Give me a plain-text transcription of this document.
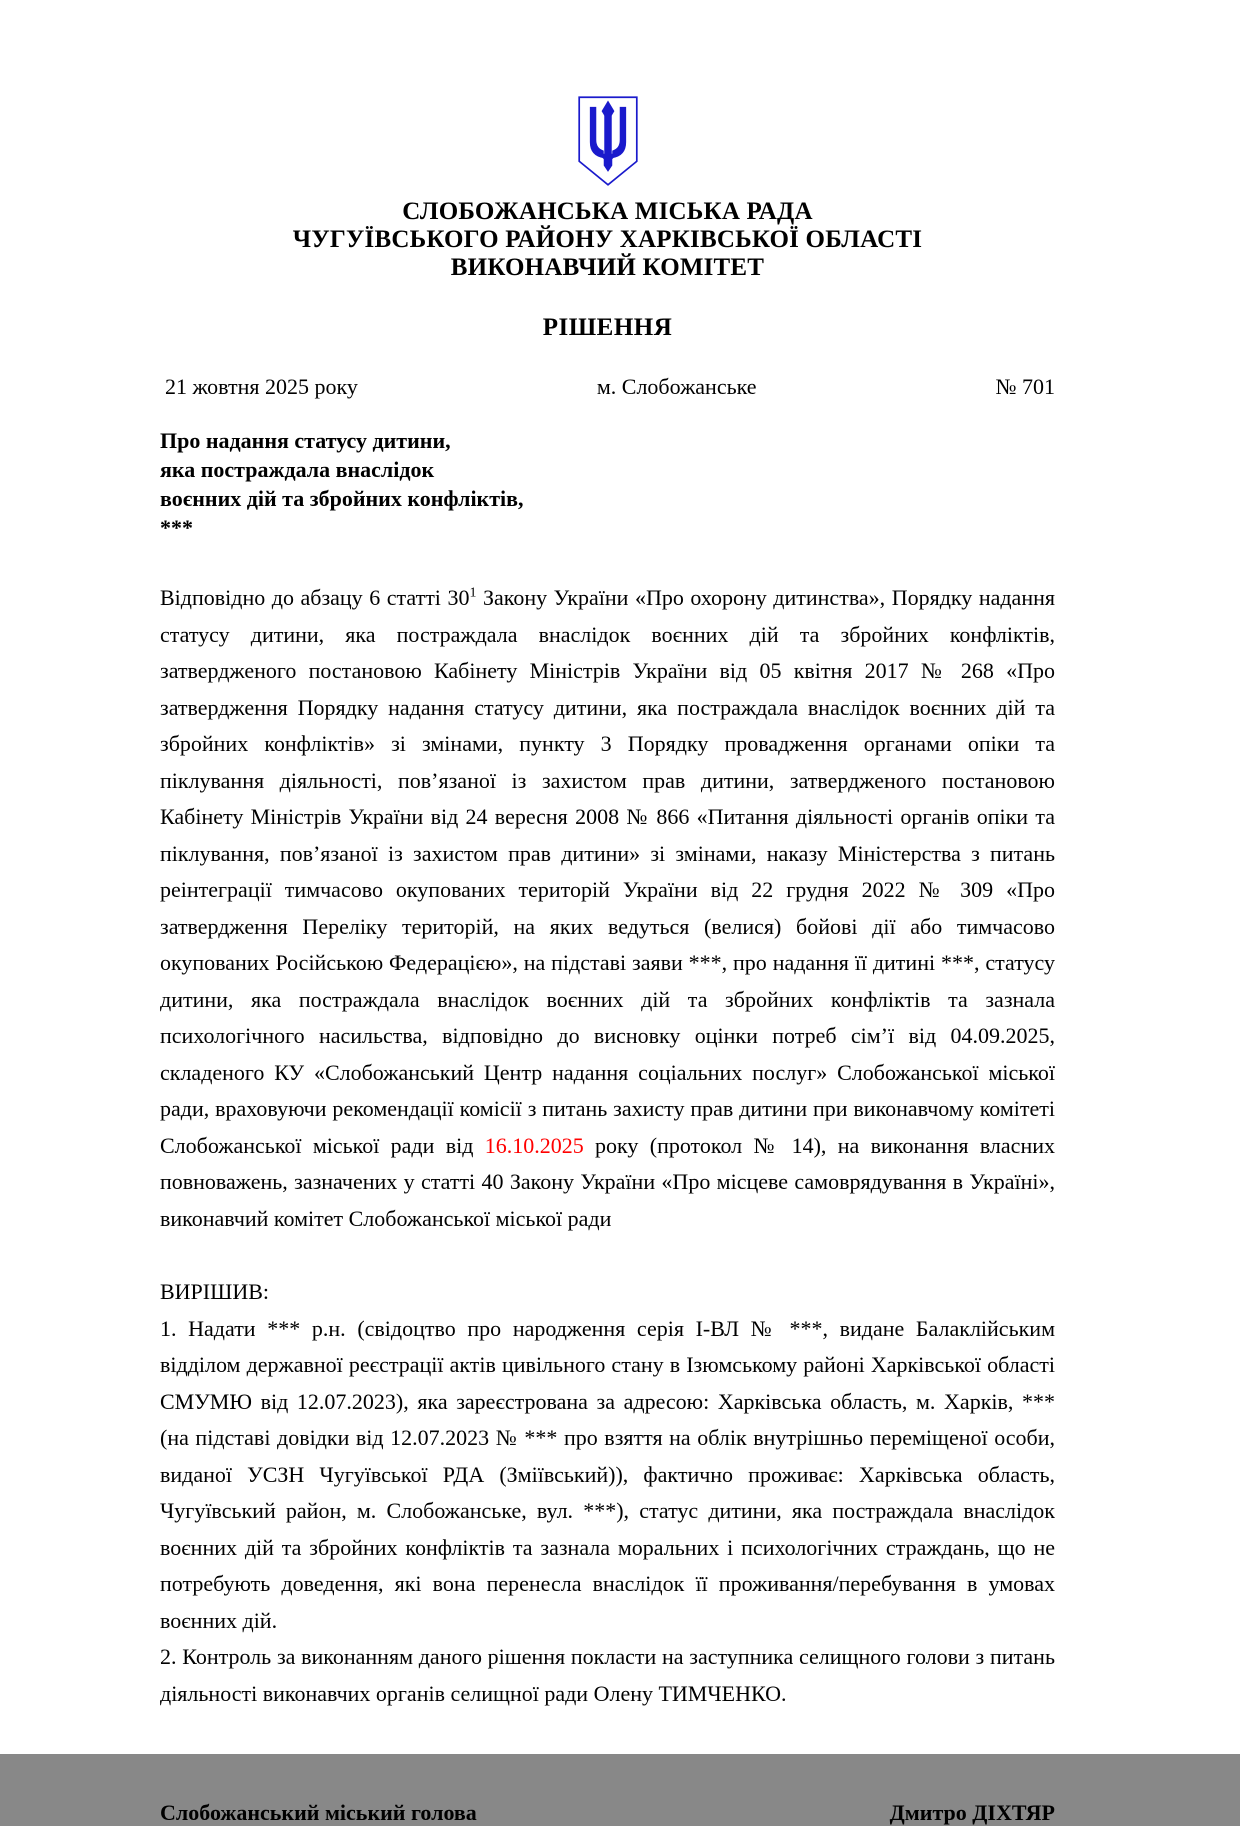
СЛОБОЖАНСЬКА МІСЬКА РАДА
ЧУГУЇВСЬКОГО РАЙОНУ ХАРКІВСЬКОЇ ОБЛАСТІ
ВИКОНАВЧИЙ КОМІТЕТ
РІШЕННЯ
21 жовтня 2025 року	м. Слобожанське	№ 701
Про надання статусу дитини,
яка постраждала внаслідок
воєнних дій та збройних конфліктів,
***

Відповідно до абзацу 6 статті $30^1$ Закону України «Про охорону дитинства», Порядку надання статусу дитини, яка постраждала внаслідок воєнних дій та збройних конфліктів, затвердженого постановою Кабінету Міністрів України від 05 квітня 2017 № 268 «Про затвердження Порядку надання статусу дитини, яка постраждала внаслідок воєнних дій та збройних конфліктів» зі змінами, пункту 3 Порядку провадження органами опіки та піклування діяльності, пов’язаної із захистом прав дитини, затвердженого постановою Кабінету Міністрів України від 24 вересня 2008 № 866 «Питання діяльності органів опіки та піклування, пов’язаної із захистом прав дитини» зі змінами, наказу Міністерства з питань реінтеграції тимчасово окупованих територій України від 22 грудня 2022 № 309 «Про затвердження Переліку територій, на яких ведуться (велися) бойові дії або тимчасово окупованих Російською Федерацією», на підставі заяви ***, про надання її дитині ***, статусу дитини, яка постраждала внаслідок воєнних дій та збройних конфліктів та зазнала психологічного насильства, відповідно до висновку оцінки потреб сім’ї від 04.09.2025, складеного КУ «Слобожанський Центр надання соціальних послуг» Слобожанської міської ради, враховуючи рекомендації комісії з питань захисту прав дитини при виконавчому комітеті Слобожанської міської ради від 16.10.2025 року (протокол № 14), на виконання власних повноважень, зазначених у статті 40 Закону України «Про місцеве самоврядування в Україні», виконавчий комітет Слобожанської міської ради

ВИРІШИВ:

1. Надати *** р.н. (свідоцтво про народження серія І-ВЛ № ***, видане Балаклійським відділом державної реєстрації актів цивільного стану в Ізюмському районі Харківської області СМУМЮ від 12.07.2023), яка зареєстрована за адресою: Харківська область, м. Харків, *** (на підставі довідки від 12.07.2023 № *** про взяття на облік внутрішньо переміщеної особи, виданої УСЗН Чугуївської РДА (Зміївський)), фактично проживає: Харківська область, Чугуївський район, м. Слобожанське, вул. ***), статус дитини, яка постраждала внаслідок воєнних дій та збройних конфліктів та зазнала моральних і психологічних страждань, що не потребують доведення, які вона перенесла внаслідок її проживання/перебування в умовах воєнних дій.

2. Контроль за виконанням даного рішення покласти на заступника селищного голови з питань діяльності виконавчих органів селищної ради Олену ТИМЧЕНКО.

Слобожанський міський голова	Дмитро ДІХТЯР
